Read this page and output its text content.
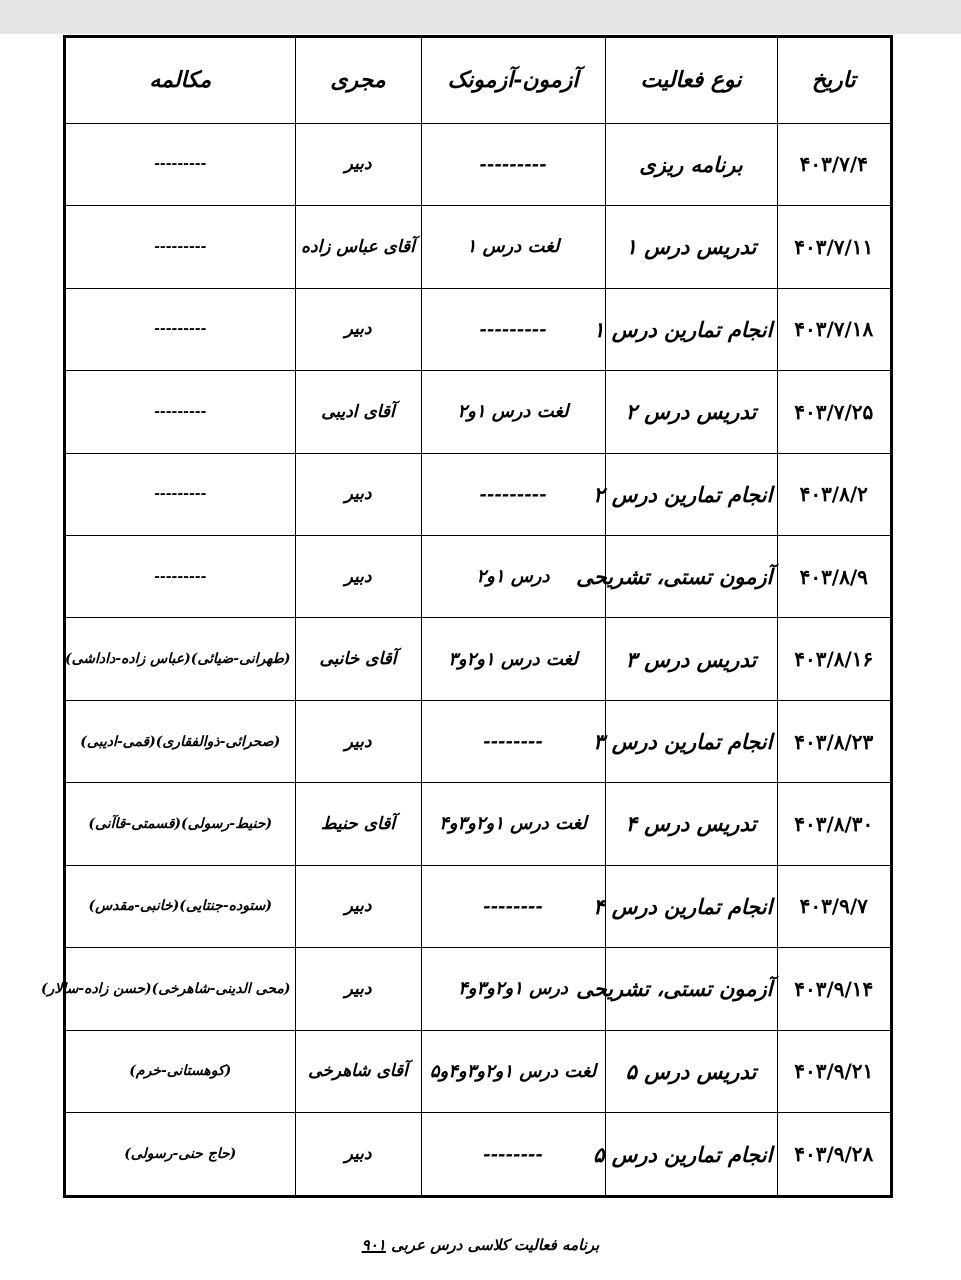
تاریخ	نوع فعالیت	آزمون-آزمونک	مجری	مکالمه
۴۰۳/۷/۴	برنامه ریزی	---------	دبیر	---------
۴۰۳/۷/۱۱	تدریس درس ۱	لغت درس ۱	آقای عباس زاده	---------
۴۰۳/۷/۱۸	انجام تمارین درس ۱	---------	دبیر	---------
۴۰۳/۷/۲۵	تدریس درس ۲	لغت درس ۱و۲	آقای ادیبی	---------
۴۰۳/۸/۲	انجام تمارین درس ۲	---------	دبیر	---------
۴۰۳/۸/۹	آزمون تستی، تشریحی	درس ۱و۲	دبیر	---------
۴۰۳/۸/۱۶	تدریس درس ۳	لغت درس ۱و۲و۳	آقای خانبی	(طهرانی-ضیائی)(عباس زاده-داداشی)
۴۰۳/۸/۲۳	انجام تمارین درس ۳	--------	دبیر	(صحرائی-ذوالفقاری)(قمی-ادیبی)
۴۰۳/۸/۳۰	تدریس درس ۴	لغت درس ۱و۲و۳و۴	آقای حنیط	(حنیط-رسولی)(قسمتی-قاآنی)
۴۰۳/۹/۷	انجام تمارین درس ۴	--------	دبیر	(ستوده-جنتایی)(خانبی-مقدس)
۴۰۳/۹/۱۴	آزمون تستی، تشریحی	درس ۱و۲و۳و۴	دبیر	(محی الدینی-شاهرخی)(حسن زاده-سالار)
۴۰۳/۹/۲۱	تدریس درس ۵	لغت درس ۱و۲و۳و۴و۵	آقای شاهرخی	(کوهستانی-خرم)
۴۰۳/۹/۲۸	انجام تمارین درس ۵	--------	دبیر	(حاج حنی-رسولی)
برنامه فعالیت کلاسی درس عربی ۹۰۱
